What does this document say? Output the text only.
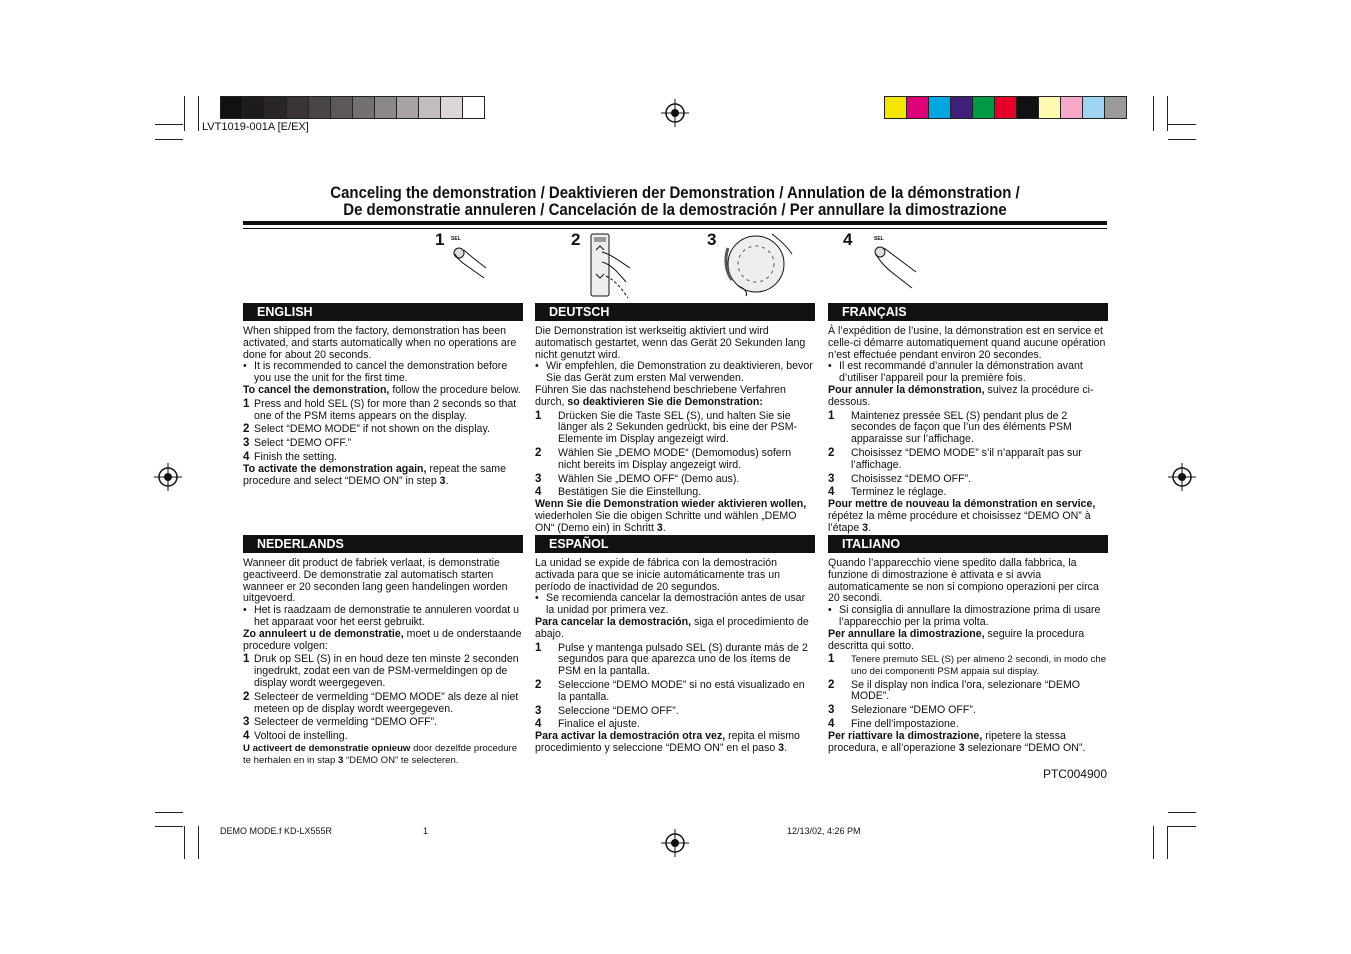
LVT1019-001A [E/EX]
Canceling the demonstration / Deaktivieren der Demonstration / Annulation de la démonstration /
De demonstratie annuleren / Cancelación de la demostración / Per annullare la dimostrazione
1 SEL	2	3	4	SEL
ENGLISH

When shipped from the factory, demonstration has been activated, and starts automatically when no operations are done for about 20 seconds.

• It is recommended to cancel the demonstration before you use the unit for the first time.

To cancel the demonstration, follow the procedure below.

1 Press and hold SEL (S) for more than 2 seconds so that one of the PSM items appears on the display.
2 Select “DEMO MODE” if not shown on the display.
3 Select “DEMO OFF.”
4 Finish the setting.

To activate the demonstration again, repeat the same procedure and select “DEMO ON” in step 3.

DEUTSCH

Die Demonstration ist werkseitig aktiviert und wird automatisch gestartet, wenn das Gerät 20 Sekunden lang nicht genutzt wird.

• Wir empfehlen, die Demonstration zu deaktivieren, bevor Sie das Gerät zum ersten Mal verwenden.

Führen Sie das nachstehend beschriebene Verfahren durch, so deaktivieren Sie die Demonstration:

1	Drücken Sie die Taste SEL (S), und halten Sie sie länger als 2 Sekunden gedrückt, bis eine der PSM-Elemente im Display angezeigt wird.
2	Wählen Sie „DEMO MODE“ (Demomodus) sofern nicht bereits im Display angezeigt wird.
3	Wählen Sie „DEMO OFF“ (Demo aus).
4	Bestätigen Sie die Einstellung.

Wenn Sie die Demonstration wieder aktivieren wollen, wiederholen Sie die obigen Schritte und wählen „DEMO ON“ (Demo ein) in Schritt 3.

FRANÇAIS

À l’expédition de l’usine, la démonstration est en service et celle-ci démarre automatiquement quand aucune opération n’est effectuée pendant environ 20 secondes.

• Il est recommandé d’annuler la démonstration avant d’utiliser l’appareil pour la première fois.

Pour annuler la démonstration, suivez la procédure ci-dessous.

1	Maintenez pressée SEL (S) pendant plus de 2 secondes de façon que l’un des éléments PSM apparaisse sur l’affichage.
2	Choisissez “DEMO MODE” s’il n’apparaît pas sur l’affichage.
3	Choisissez “DEMO OFF”.
4	Terminez le réglage.

Pour mettre de nouveau la démonstration en service, répétez la même procédure et choisissez “DEMO ON” à l’étape 3.

NEDERLANDS

Wanneer dit product de fabriek verlaat, is demonstratie geactiveerd. De demonstratie zal automatisch starten wanneer er 20 seconden lang geen handelingen worden uitgevoerd.

• Het is raadzaam de demonstratie te annuleren voordat u het apparaat voor het eerst gebruikt.

Zo annuleert u de demonstratie, moet u de onderstaande procedure volgen:

1 Druk op SEL (S) in en houd deze ten minste 2 seconden ingedrukt, zodat een van de PSM-vermeldingen op de display wordt weergegeven.
2 Selecteer de vermelding “DEMO MODE” als deze al niet meteen op de display wordt weergegeven.
3 Selecteer de vermelding “DEMO OFF”.
4 Voltooi de instelling.

U activeert de demonstratie opnieuw door dezelfde procedure te herhalen en in stap 3 “DEMO ON” te selecteren.

ESPAÑOL

La unidad se expide de fábrica con la demostración activada para que se inicie automáticamente tras un período de inactividad de 20 segundos.

• Se recomienda cancelar la demostración antes de usar la unidad por primera vez.

Para cancelar la demostración, siga el procedimiento de abajo.

1	Pulse y mantenga pulsado SEL (S) durante más de 2 segundos para que aparezca uno de los ítems de PSM en la pantalla.
2	Seleccione “DEMO MODE” si no está visualizado en la pantalla.
3	Seleccione “DEMO OFF”.
4	Finalice el ajuste.

Para activar la demostración otra vez, repita el mismo procedimiento y seleccione “DEMO ON” en el paso 3.

ITALIANO

Quando l’apparecchio viene spedito dalla fabbrica, la funzione di dimostrazione è attivata e si avvia automaticamente se non si compiono operazioni per circa 20 secondi.

• Si consiglia di annullare la dimostrazione prima di usare l’apparecchio per la prima volta.

Per annullare la dimostrazione, seguire la procedura descritta qui sotto.

1	Tenere premuto SEL (S) per almeno 2 secondi, in modo che uno dei componenti PSM appaia sul display.
2	Se il display non indica l’ora, selezionare “DEMO MODE”.
3	Selezionare “DEMO OFF”.
4	Fine dell’impostazione.

Per riattivare la dimostrazione, ripetere la stessa procedura, e all’operazione 3 selezionare “DEMO ON”.

PTC004900
DEMO MODE.f KD-LX555R	1	12/13/02, 4:26 PM
